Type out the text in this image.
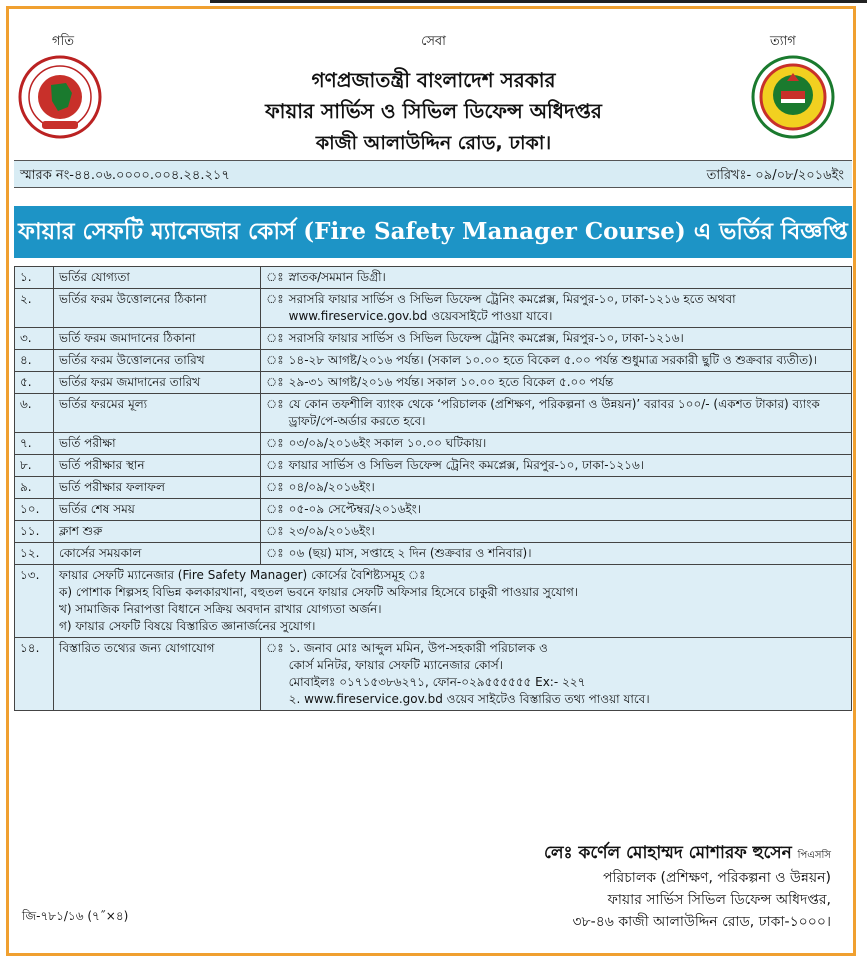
গতি	সেবা	ত্যাগ
গণপ্রজাতন্ত্রী বাংলাদেশ সরকার
ফায়ার সার্ভিস ও সিভিল ডিফেন্স অধিদপ্তর
কাজী আলাউদ্দিন রোড, ঢাকা।
স্মারক নং-৪৪.০৬.০০০০.০০৪.২৪.২১৭	তারিখঃ- ০৯/০৮/২০১৬ইং
ফায়ার সেফটি ম্যানেজার কোর্স (Fire Safety Manager Course) এ ভর্তির বিজ্ঞপ্তি
১.	ভর্তির যোগ্যতা	ঃ	স্নাতক/সমমান ডিগ্রী।
২.	ভর্তির ফরম উত্তোলনের ঠিকানা	ঃ	সরাসরি ফায়ার সার্ভিস ও সিভিল ডিফেন্স ট্রেনিং কমপ্লেক্স, মিরপুর-১০, ঢাকা-১২১৬ হতে অথবা www.fireservice.gov.bd ওয়েবসাইটে পাওয়া যাবে।
৩.	ভর্তি ফরম জমাদানের ঠিকানা	ঃ	সরাসরি ফায়ার সার্ভিস ও সিভিল ডিফেন্স ট্রেনিং কমপ্লেক্স, মিরপুর-১০, ঢাকা-১২১৬।
৪.	ভর্তির ফরম উত্তোলনের তারিখ	ঃ	১৪-২৮ আগষ্ট/২০১৬ পর্যন্ত। (সকাল ১০.০০ হতে বিকেল ৫.০০ পর্যন্ত শুধুমাত্র সরকারী ছুটি ও শুক্রবার ব্যতীত)।
৫.	ভর্তির ফরম জমাদানের তারিখ	ঃ	২৯-৩১ আগষ্ট/২০১৬ পর্যন্ত। সকাল ১০.০০ হতে বিকেল ৫.০০ পর্যন্ত
৬.	ভর্তির ফরমের মূল্য	ঃ	যে কোন তফশীলি ব্যাংক থেকে ‘পরিচালক (প্রশিক্ষণ, পরিকল্পনা ও উন্নয়ন)’ বরাবর ১০০/- (একশত টাকার) ব্যাংক ড্রাফট/পে-অর্ডার করতে হবে।
৭.	ভর্তি পরীক্ষা	ঃ	০৩/০৯/২০১৬ইং সকাল ১০.০০ ঘটিকায়।
৮.	ভর্তি পরীক্ষার স্থান	ঃ	ফায়ার সার্ভিস ও সিভিল ডিফেন্স ট্রেনিং কমপ্লেক্স, মিরপুর-১০, ঢাকা-১২১৬।
৯.	ভর্তি পরীক্ষার ফলাফল	ঃ	০৪/০৯/২০১৬ইং।
১০.	ভর্তির শেষ সময়	ঃ	০৫-০৯ সেপ্টেম্বর/২০১৬ইং।
১১.	ক্লাশ শুরু	ঃ	২৩/০৯/২০১৬ইং।
১২.	কোর্সের সময়কাল	ঃ	০৬ (ছয়) মাস, সপ্তাহে ২ দিন (শুক্রবার ও শনিবার)।
১৩.	ফায়ার সেফটি ম্যানেজার (Fire Safety Manager) কোর্সের বৈশিষ্ট্যসমূহ ঃ
ক) পোশাক শিল্পসহ বিভিন্ন কলকারখানা, বহুতল ভবনে ফায়ার সেফটি অফিসার হিসেবে চাকুরী পাওয়ার সুযোগ।
খ) সামাজিক নিরাপত্তা বিধানে সক্রিয় অবদান রাখার যোগ্যতা অর্জন।
গ) ফায়ার সেফটি বিষয়ে বিস্তারিত জ্ঞানার্জনের সুযোগ।		

১৪.	বিস্তারিত তথ্যের জন্য যোগাযোগ	ঃ	১. জনাব মোঃ আব্দুল মমিন, উপ-সহকারী পরিচালক ও
কোর্স মনিটর, ফায়ার সেফটি ম্যানেজার কোর্স।
মোবাইলঃ ০১৭১৫৩৮৬২৭১, ফোন-০২৯৫৫৫৫৫৫ Ex:- ২২৭
২. www.fireservice.gov.bd ওয়েব সাইটেও বিস্তারিত তথ্য পাওয়া যাবে।
লেঃ কর্ণেল মোহাম্মদ মোশারফ হুসেন পিএসসি
পরিচালক (প্রশিক্ষণ, পরিকল্পনা ও উন্নয়ন)
ফায়ার সার্ভিস সিভিল ডিফেন্স অধিদপ্তর,
৩৮-৪৬ কাজী আলাউদ্দিন রোড, ঢাকা-১০০০।
জি-৭৮১/১৬ (৭˝×৪)
